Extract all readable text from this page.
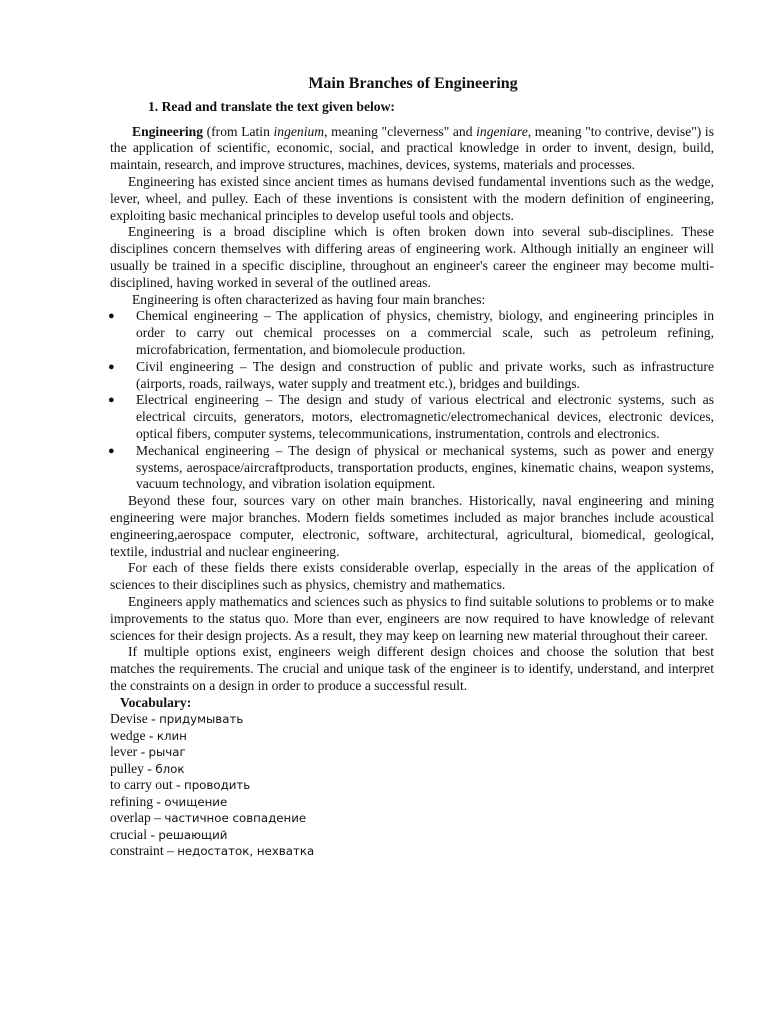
Main Branches of Engineering
1. Read and translate the text given below:

Engineering (from Latin ingenium, meaning "cleverness" and ingeniare, meaning "to contrive, devise") is the application of scientific, economic, social, and practical knowledge in order to invent, design, build, maintain, research, and improve structures, machines, devices, systems, materials and processes.

Engineering has existed since ancient times as humans devised fundamental inventions such as the wedge, lever, wheel, and pulley. Each of these inventions is consistent with the modern definition of engineering, exploiting basic mechanical principles to develop useful tools and objects.

Engineering is a broad discipline which is often broken down into several sub-disciplines. These disciplines concern themselves with differing areas of engineering work. Although initially an engineer will usually be trained in a specific discipline, throughout an engineer's career the engineer may become multi-disciplined, having worked in several of the outlined areas.

Engineering is often characterized as having four main branches:

● Chemical engineering – The application of physics, chemistry, biology, and engineering principles in order to carry out chemical processes on a commercial scale, such as petroleum refining, microfabrication, fermentation, and biomolecule production.
● Civil engineering – The design and construction of public and private works, such as infrastructure (airports, roads, railways, water supply and treatment etc.), bridges and buildings.
● Electrical engineering – The design and study of various electrical and electronic systems, such as electrical circuits, generators, motors, electromagnetic/electromechanical devices, electronic devices, optical fibers, computer systems, telecommunications, instrumentation, controls and electronics.
● Mechanical engineering – The design of physical or mechanical systems, such as power and energy systems, aerospace/aircraftproducts, transportation products, engines, kinematic chains, weapon systems, vacuum technology, and vibration isolation equipment.

Beyond these four, sources vary on other main branches. Historically, naval engineering and mining engineering were major branches. Modern fields sometimes included as major branches include acoustical engineering,aerospace computer, electronic, software, architectural, agricultural, biomedical, geological, textile, industrial and nuclear engineering.

For each of these fields there exists considerable overlap, especially in the areas of the application of sciences to their disciplines such as physics, chemistry and mathematics.

Engineers apply mathematics and sciences such as physics to find suitable solutions to problems or to make improvements to the status quo. More than ever, engineers are now required to have knowledge of relevant sciences for their design projects. As a result, they may keep on learning new material throughout their career.

If multiple options exist, engineers weigh different design choices and choose the solution that best matches the requirements. The crucial and unique task of the engineer is to identify, understand, and interpret the constraints on a design in order to produce a successful result.

Vocabulary:
Devise - придумывать
wedge - клин
lever - рычаг
pulley - блок
to carry out - проводить
refining - очищение
overlap – частичное совпадение
crucial - решающий
constraint – недостаток, нехватка
